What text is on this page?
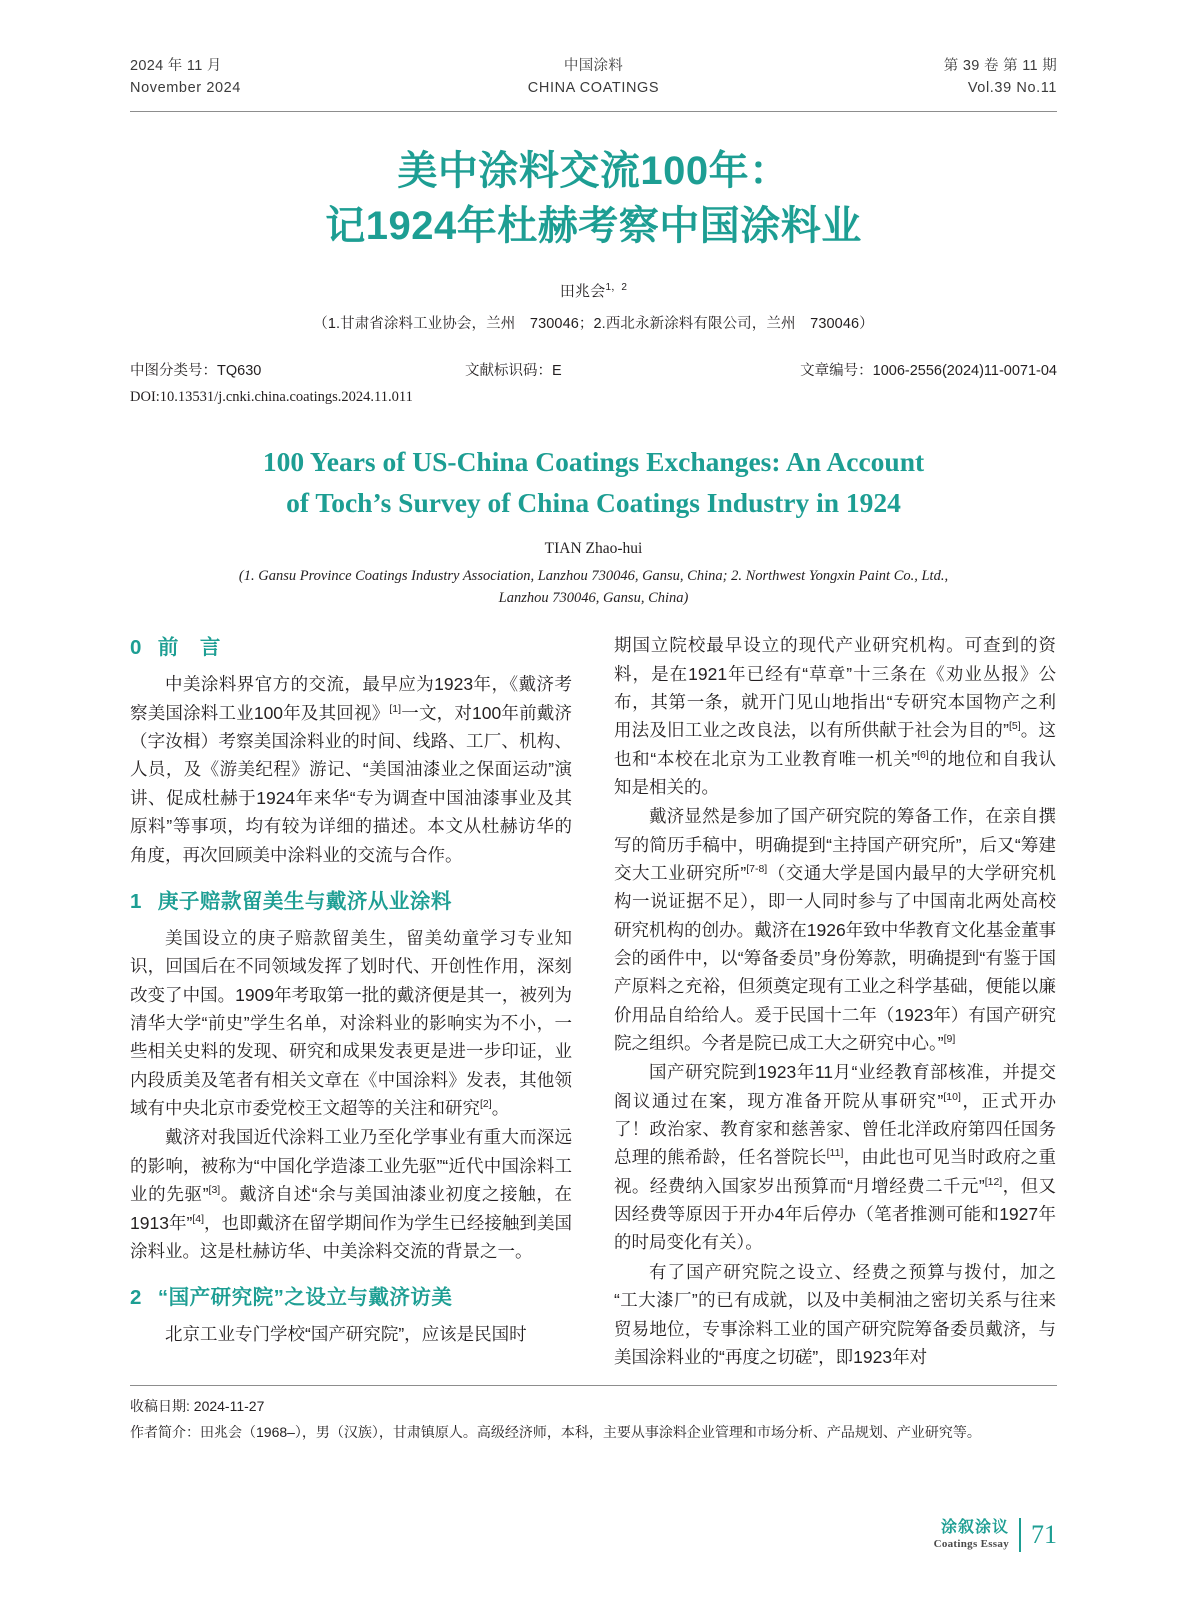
2024 年 11 月
November 2024
中国涂料
CHINA COATINGS
第 39 卷 第 11 期
Vol.39 No.11
美中涂料交流100年：
记1924年杜赫考察中国涂料业
田兆会$^{1,2}$
（1.甘肃省涂料工业协会，兰州　730046；2.西北永新涂料有限公司，兰州　730046）
中图分类号：TQ630	文献标识码：E	文章编号：1006-2556(2024)11-0071-04
DOI:10.13531/j.cnki.china.coatings.2024.11.011
100 Years of US-China Coatings Exchanges: An Account
of Toch’s Survey of China Coatings Industry in 1924
TIAN Zhao-hui
(1. Gansu Province Coatings Industry Association, Lanzhou 730046, Gansu, China; 2. Northwest Yongxin Paint Co., Ltd.,
Lanzhou 730046, Gansu, China)
0 前　言

中美涂料界官方的交流，最早应为1923年，《戴济考察美国涂料工业100年及其回视》[1]一文，对100年前戴济（字汝楫）考察美国涂料业的时间、线路、工厂、机构、人员，及《游美纪程》游记、“美国油漆业之保面运动”演讲、促成杜赫于1924年来华“专为调查中国油漆事业及其原料”等事项，均有较为详细的描述。本文从杜赫访华的角度，再次回顾美中涂料业的交流与合作。

1 庚子赔款留美生与戴济从业涂料

美国设立的庚子赔款留美生，留美幼童学习专业知识，回国后在不同领域发挥了划时代、开创性作用，深刻改变了中国。1909年考取第一批的戴济便是其一，被列为清华大学“前史”学生名单，对涂料业的影响实为不小，一些相关史料的发现、研究和成果发表更是进一步印证，业内段质美及笔者有相关文章在《中国涂料》发表，其他领域有中央北京市委党校王文超等的关注和研究[2]。

戴济对我国近代涂料工业乃至化学事业有重大而深远的影响，被称为“中国化学造漆工业先驱”“近代中国涂料工业的先驱”[3]。戴济自述“余与美国油漆业初度之接触，在1913年”[4]，也即戴济在留学期间作为学生已经接触到美国涂料业。这是杜赫访华、中美涂料交流的背景之一。

2 “国产研究院”之设立与戴济访美

北京工业专门学校“国产研究院”，应该是民国时

期国立院校最早设立的现代产业研究机构。可查到的资料，是在1921年已经有“草章”十三条在《劝业丛报》公布，其第一条，就开门见山地指出“专研究本国物产之利用法及旧工业之改良法，以有所供献于社会为目的”[5]。这也和“本校在北京为工业教育唯一机关”[6]的地位和自我认知是相关的。

戴济显然是参加了国产研究院的筹备工作，在亲自撰写的简历手稿中，明确提到“主持国产研究所”，后又“筹建交大工业研究所”[7-8]（交通大学是国内最早的大学研究机构一说证据不足），即一人同时参与了中国南北两处高校研究机构的创办。戴济在1926年致中华教育文化基金董事会的函件中，以“筹备委员”身份筹款，明确提到“有鉴于国产原料之充裕，但须奠定现有工业之科学基础，便能以廉价用品自给给人。爰于民国十二年（1923年）有国产研究院之组织。今者是院已成工大之研究中心。”[9]

国产研究院到1923年11月“业经教育部核准，并提交阁议通过在案，现方准备开院从事研究”[10]，正式开办了！政治家、教育家和慈善家、曾任北洋政府第四任国务总理的熊希龄，任名誉院长[11]，由此也可见当时政府之重视。经费纳入国家岁出预算而“月增经费二千元”[12]，但又因经费等原因于开办4年后停办（笔者推测可能和1927年的时局变化有关）。

有了国产研究院之设立、经费之预算与拨付，加之“工大漆厂”的已有成就，以及中美桐油之密切关系与往来贸易地位，专事涂料工业的国产研究院筹备委员戴济，与美国涂料业的“再度之切磋”，即1923年对

收稿日期: 2024-11-27
作者简介：田兆会（1968–），男（汉族），甘肃镇原人。高级经济师，本科，主要从事涂料企业管理和市场分析、产品规划、产业研究等。
涂叙涂议
Coatings Essay 71
